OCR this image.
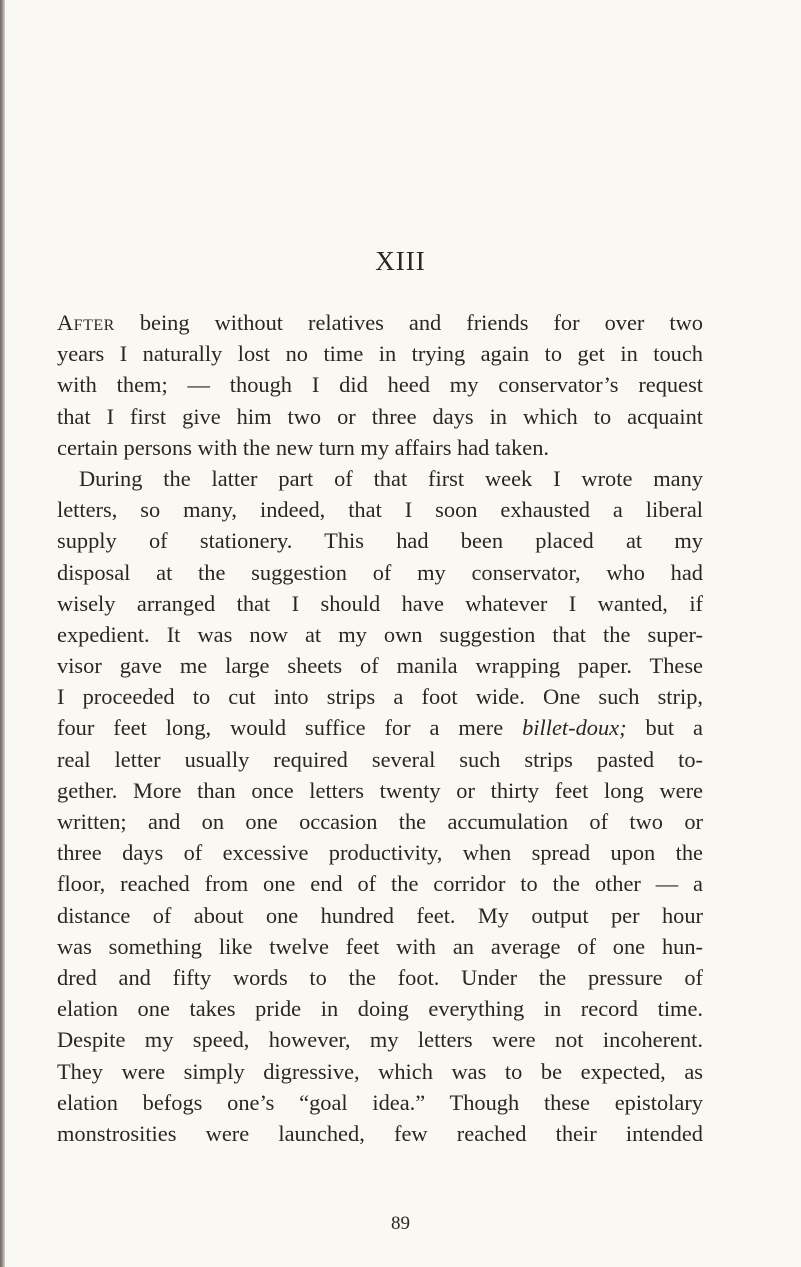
XIII
After being without relatives and friends for over two
years I naturally lost no time in trying again to get in touch
with them; — though I did heed my conservator’s request
that I first give him two or three days in which to acquaint
certain persons with the new turn my affairs had taken.
During the latter part of that first week I wrote many
letters, so many, indeed, that I soon exhausted a liberal
supply of stationery. This had been placed at my
disposal at the suggestion of my conservator, who had
wisely arranged that I should have whatever I wanted, if
expedient. It was now at my own suggestion that the super-
visor gave me large sheets of manila wrapping paper. These
I proceeded to cut into strips a foot wide. One such strip,
four feet long, would suffice for a mere billet-doux; but a
real letter usually required several such strips pasted to-
gether. More than once letters twenty or thirty feet long were
written; and on one occasion the accumulation of two or
three days of excessive productivity, when spread upon the
floor, reached from one end of the corridor to the other — a
distance of about one hundred feet. My output per hour
was something like twelve feet with an average of one hun-
dred and fifty words to the foot. Under the pressure of
elation one takes pride in doing everything in record time.
Despite my speed, however, my letters were not incoherent.
They were simply digressive, which was to be expected, as
elation befogs one’s “goal idea.” Though these epistolary
monstrosities were launched, few reached their intended
89
